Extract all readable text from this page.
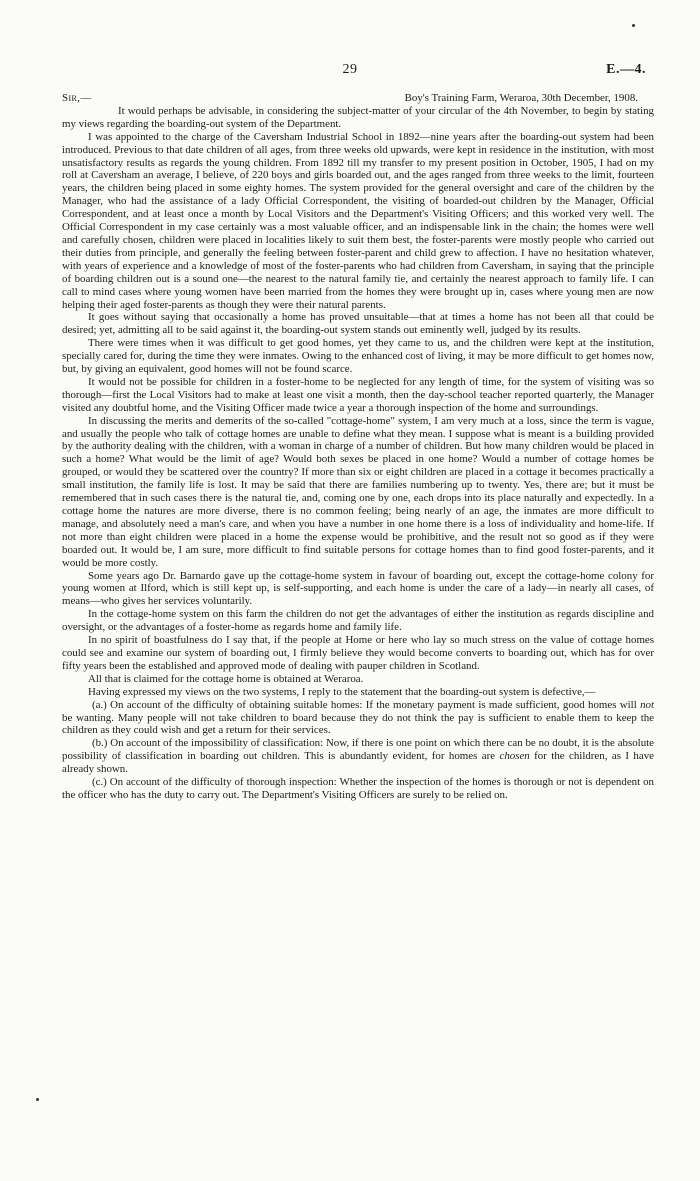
29	E.—4.
Sir,—	Boy's Training Farm, Weraroa, 30th December, 1908.

It would perhaps be advisable, in considering the subject-matter of your circular of the 4th November, to begin by stating my views regarding the boarding-out system of the Department.

I was appointed to the charge of the Caversham Industrial School in 1892—nine years after the boarding-out system had been introduced. Previous to that date children of all ages, from three weeks old upwards, were kept in residence in the institution, with most unsatisfactory results as regards the young children. From 1892 till my transfer to my present position in October, 1905, I had on my roll at Caversham an average, I believe, of 220 boys and girls boarded out, and the ages ranged from three weeks to the limit, fourteen years, the children being placed in some eighty homes. The system provided for the general oversight and care of the children by the Manager, who had the assistance of a lady Official Correspondent, the visiting of boarded-out children by the Manager, Official Correspondent, and at least once a month by Local Visitors and the Department's Visiting Officers; and this worked very well. The Official Correspondent in my case certainly was a most valuable officer, and an indispensable link in the chain; the homes were well and carefully chosen, children were placed in localities likely to suit them best, the foster-parents were mostly people who carried out their duties from principle, and generally the feeling between foster-parent and child grew to affection. I have no hesitation whatever, with years of experience and a knowledge of most of the foster-parents who had children from Caversham, in saying that the principle of boarding children out is a sound one—the nearest to the natural family tie, and certainly the nearest approach to family life. I can call to mind cases where young women have been married from the homes they were brought up in, cases where young men are now helping their aged foster-parents as though they were their natural parents.

It goes without saying that occasionally a home has proved unsuitable—that at times a home has not been all that could be desired; yet, admitting all to be said against it, the boarding-out system stands out eminently well, judged by its results.

There were times when it was difficult to get good homes, yet they came to us, and the children were kept at the institution, specially cared for, during the time they were inmates. Owing to the enhanced cost of living, it may be more difficult to get homes now, but, by giving an equivalent, good homes will not be found scarce.

It would not be possible for children in a foster-home to be neglected for any length of time, for the system of visiting was so thorough—first the Local Visitors had to make at least one visit a month, then the day-school teacher reported quarterly, the Manager visited any doubtful home, and the Visiting Officer made twice a year a thorough inspection of the home and surroundings.

In discussing the merits and demerits of the so-called "cottage-home" system, I am very much at a loss, since the term is vague, and usually the people who talk of cottage homes are unable to define what they mean. I suppose what is meant is a building provided by the authority dealing with the children, with a woman in charge of a number of children. But how many children would be placed in such a home? What would be the limit of age? Would both sexes be placed in one home? Would a number of cottage homes be grouped, or would they be scattered over the country? If more than six or eight children are placed in a cottage it becomes practically a small institution, the family life is lost. It may be said that there are families numbering up to twenty. Yes, there are; but it must be remembered that in such cases there is the natural tie, and, coming one by one, each drops into its place naturally and expectedly. In a cottage home the natures are more diverse, there is no common feeling; being nearly of an age, the inmates are more difficult to manage, and absolutely need a man's care, and when you have a number in one home there is a loss of individuality and home-life. If not more than eight children were placed in a home the expense would be prohibitive, and the result not so good as if they were boarded out. It would be, I am sure, more difficult to find suitable persons for cottage homes than to find good foster-parents, and it would be more costly.

Some years ago Dr. Barnardo gave up the cottage-home system in favour of boarding out, except the cottage-home colony for young women at Ilford, which is still kept up, is self-supporting, and each home is under the care of a lady—in nearly all cases, of means—who gives her services voluntarily.

In the cottage-home system on this farm the children do not get the advantages of either the institution as regards discipline and oversight, or the advantages of a foster-home as regards home and family life.

In no spirit of boastfulness do I say that, if the people at Home or here who lay so much stress on the value of cottage homes could see and examine our system of boarding out, I firmly believe they would become converts to boarding out, which has for over fifty years been the established and approved mode of dealing with pauper children in Scotland.

All that is claimed for the cottage home is obtained at Weraroa.

Having expressed my views on the two systems, I reply to the statement that the boarding-out system is defective,—

(a.) On account of the difficulty of obtaining suitable homes: If the monetary payment is made sufficient, good homes will not be wanting. Many people will not take children to board because they do not think the pay is sufficient to enable them to keep the children as they could wish and get a return for their services.

(b.) On account of the impossibility of classification: Now, if there is one point on which there can be no doubt, it is the absolute possibility of classification in boarding out children. This is abundantly evident, for homes are chosen for the children, as I have already shown.

(c.) On account of the difficulty of thorough inspection: Whether the inspection of the homes is thorough or not is dependent on the officer who has the duty to carry out. The Department's Visiting Officers are surely to be relied on.
